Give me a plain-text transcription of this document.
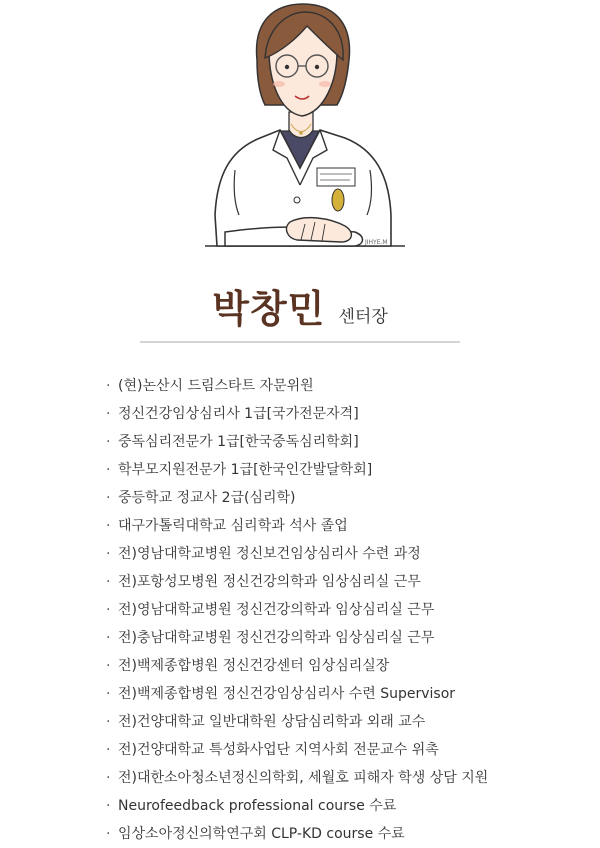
JIHYE.M
박창민 센터장
· (현)논산시 드림스타트 자문위원
· 정신건강임상심리사 1급[국가전문자격]
· 중독심리전문가 1급[한국중독심리학회]
· 학부모지원전문가 1급[한국인간발달학회]
· 중등학교 정교사 2급(심리학)
· 대구가톨릭대학교 심리학과 석사 졸업
· 전)영남대학교병원 정신보건임상심리사 수련 과정
· 전)포항성모병원 정신건강의학과 임상심리실 근무
· 전)영남대학교병원 정신건강의학과 임상심리실 근무
· 전)충남대학교병원 정신건강의학과 임상심리실 근무
· 전)백제종합병원 정신건강센터 임상심리실장
· 전)백제종합병원 정신건강임상심리사 수련 Supervisor
· 전)건양대학교 일반대학원 상담심리학과 외래 교수
· 전)건양대학교 특성화사업단 지역사회 전문교수 위촉
· 전)대한소아청소년정신의학회, 세월호 피해자 학생 상담 지원
· Neurofeedback professional course 수료
· 임상소아정신의학연구회 CLP-KD course 수료
